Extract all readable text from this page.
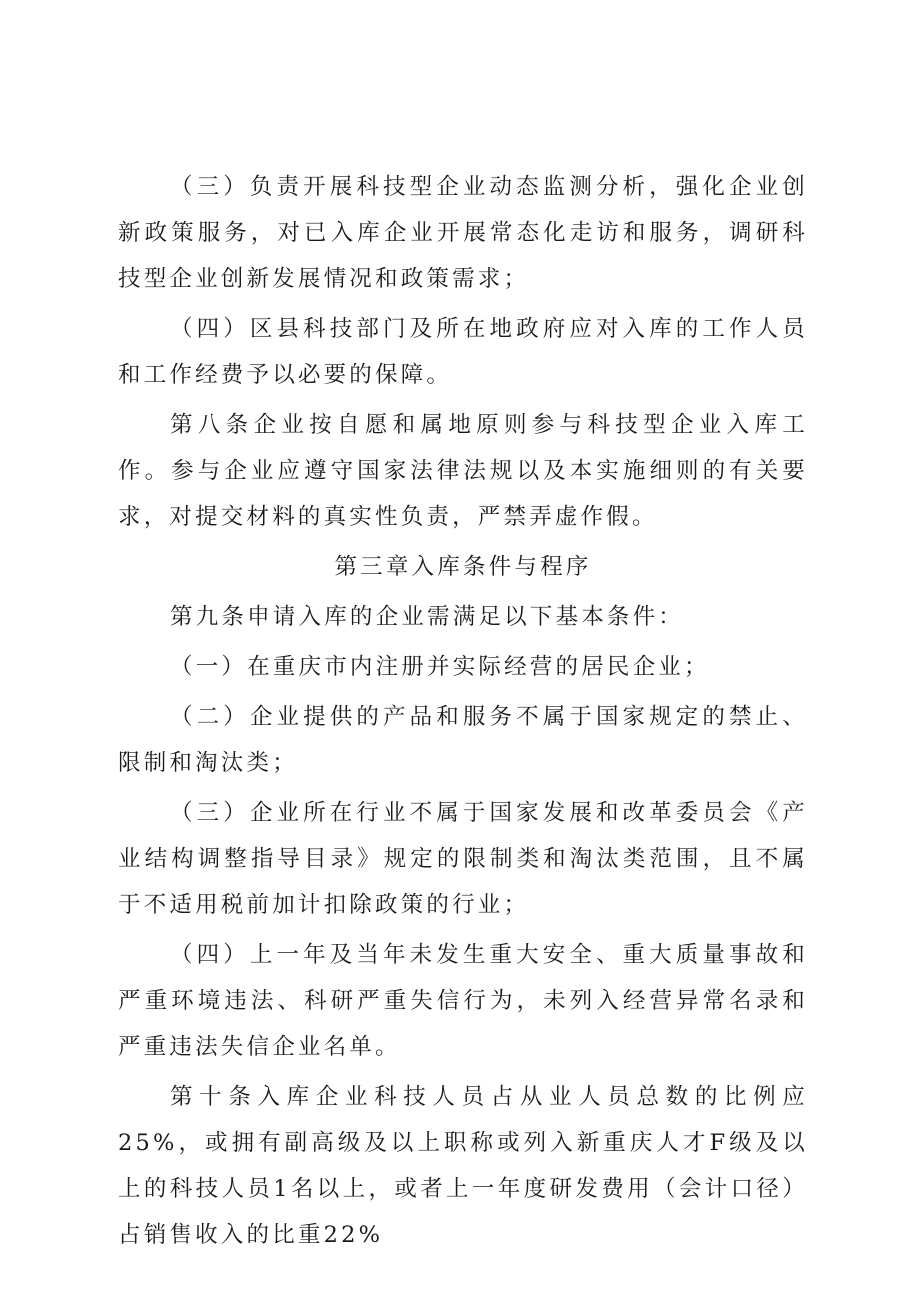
（三）负责开展科技型企业动态监测分析，强化企业创新政策服务，对已入库企业开展常态化走访和服务，调研科技型企业创新发展情况和政策需求；

（四）区县科技部门及所在地政府应对入库的工作人员和工作经费予以必要的保障。

第八条企业按自愿和属地原则参与科技型企业入库工作。参与企业应遵守国家法律法规以及本实施细则的有关要求，对提交材料的真实性负责，严禁弄虚作假。

第三章入库条件与程序

第九条申请入库的企业需满足以下基本条件：

（一）在重庆市内注册并实际经营的居民企业；

（二）企业提供的产品和服务不属于国家规定的禁止、限制和淘汰类；

（三）企业所在行业不属于国家发展和改革委员会《产业结构调整指导目录》规定的限制类和淘汰类范围，且不属于不适用税前加计扣除政策的行业；

（四）上一年及当年未发生重大安全、重大质量事故和严重环境违法、科研严重失信行为，未列入经营异常名录和严重违法失信企业名单。

第十条入库企业科技人员占从业人员总数的比例应25%，或拥有副高级及以上职称或列入新重庆人才F级及以上的科技人员1名以上，或者上一年度研发费用（会计口径）占销售收入的比重22%
